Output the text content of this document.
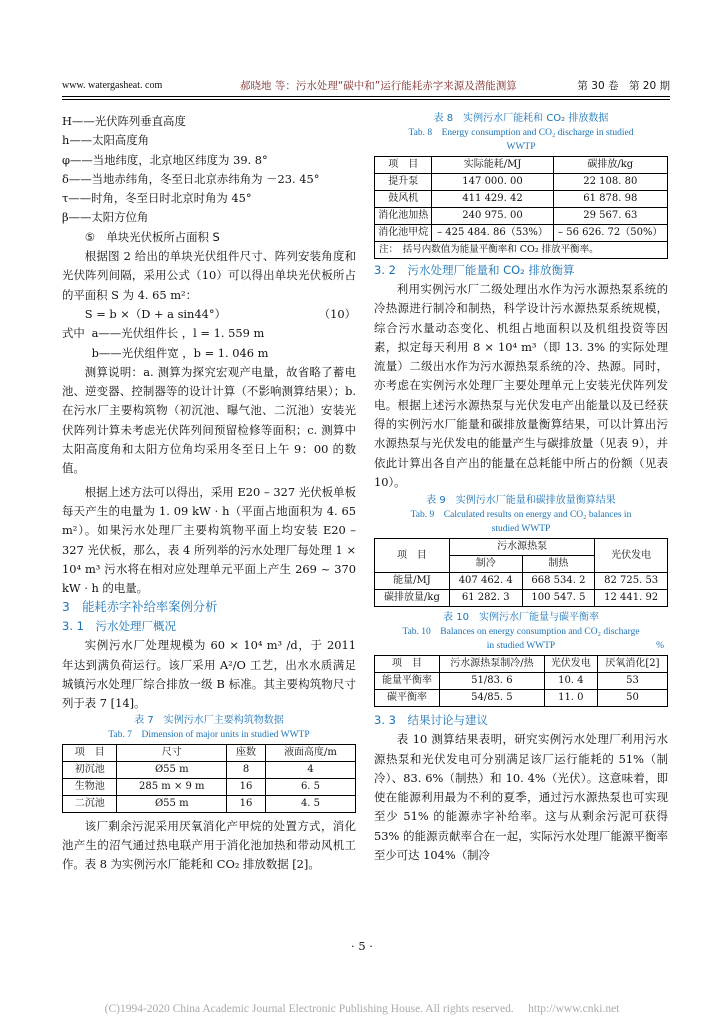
www. watergasheat. com	郝晓地 等：污水处理“碳中和”运行能耗赤字来源及潜能测算	第 30 卷　第 20 期

H——光伏阵列垂直高度

h——太阳高度角

φ——当地纬度，北京地区纬度为 39. 8°

δ——当地赤纬角，冬至日北京赤纬角为 －23. 45°

τ——时角，冬至日时北京时角为 45°

β——太阳方位角

⑤　单块光伏板所占面积 S

根据图 2 给出的单块光伏组件尺寸、阵列安装角度和光伏阵列间隔，采用公式（10）可以得出单块光伏板所占的平面积 S 为 4. 65 m²：

S = b ×（D + a sin44°）	（10）
式中 a——光伏组件长 ，l = 1. 559 m

b——光伏组件宽 ，b = 1. 046 m

测算说明：a. 测算为探究宏观产电量，故省略了蓄电池、逆变器、控制器等的设计计算（不影响测算结果）；b. 在污水厂主要构筑物（初沉池、曝气池、二沉池）安装光伏阵列计算未考虑光伏阵列间预留检修等面积；c. 测算中太阳高度角和太阳方位角均采用冬至日上午 9：00 的数值。

根据上述方法可以得出，采用 E20 – 327 光伏板单板每天产生的电量为 1. 09 kW · h（平面占地面积为 4. 65 m²）。如果污水处理厂主要构筑物平面上均安装 E20 – 327 光伏板，那么，表 4 所列举的污水处理厂每处理 1 × 10⁴ m³ 污水将在相对应处理单元平面上产生 269 ~ 370 kW · h 的电量。

3　能耗赤字补给率案例分析

3. 1　污水处理厂概况

实例污水厂处理规模为 60 × 10⁴ m³ /d，于 2011 年达到满负荷运行。该厂采用 A²/O 工艺，出水水质满足城镇污水处理厂综合排放一级 B 标准。其主要构筑物尺寸列于表 7 [14]。

表 7　实例污水厂主要构筑物数据
Tab. 7　Dimension of major units in studied WWTP
项　目	尺寸	座数	液面高度/m
初沉池	Ø55 m	8	4
生物池	285 m × 9 m	16	6. 5
二沉池	Ø55 m	16	4. 5

该厂剩余污泥采用厌氧消化产甲烷的处置方式，消化池产生的沼气通过热电联产用于消化池加热和带动风机工作。表 8 为实例污水厂能耗和 CO₂ 排放数据 [2]。

表 8　实例污水厂能耗和 CO₂ 排放数据
Tab. 8　Energy consumption and CO₂ discharge in studied
WWTP
项　目	实际能耗/MJ	碳排放/kg
提升泵	147 000. 00	22 108. 80
鼓风机	411 429. 42	61 878. 98
消化池加热	240 975. 00	29 567. 63
消化池甲烷	– 425 484. 86（53%）	– 56 626. 72（50%）
注：　括号内数值为能量平衡率和 CO₂ 排放平衡率。

3. 2　污水处理厂能量和 CO₂ 排放衡算

利用实例污水厂二级处理出水作为污水源热泵系统的冷热源进行制冷和制热，科学设计污水源热泵系统规模，综合污水量动态变化、机组占地面积以及机组投资等因素，拟定每天利用 8 × 10⁴ m³（即 13. 3% 的实际处理流量）二级出水作为污水源热泵系统的冷、热源。同时，亦考虑在实例污水处理厂主要处理单元上安装光伏阵列发电。根据上述污水源热泵与光伏发电产出能量以及已经获得的实例污水厂能量和碳排放量衡算结果，可以计算出污水源热泵与光伏发电的能量产生与碳排放量（见表 9），并依此计算出各自产出的能量在总耗能中所占的份额（见表 10）。

表 9　实例污水厂能量和碳排放量衡算结果
Tab. 9　Calculated results on energy and CO₂ balances in
studied WWTP
项　目	污水源热泵		光伏发电
	制冷	制热	
能量/MJ	407 462. 4	668 534. 2	82 725. 53
碳排放量/kg	61 282. 3	100 547. 5	12 441. 92
表 10　实例污水厂能量与碳平衡率
Tab. 10　Balances on energy consumption and CO₂ discharge
in studied WWTP	%
项　目	污水源热泵制冷/热	光伏发电	厌氧消化[2]
能量平衡率	51/83. 6	10. 4	53
碳平衡率	54/85. 5	11. 0	50

3. 3　结果讨论与建议

表 10 测算结果表明，研究实例污水处理厂利用污水源热泵和光伏发电可分别满足该厂运行能耗的 51%（制冷）、83. 6%（制热）和 10. 4%（光伏）。这意味着，即使在能源利用最为不利的夏季，通过污水源热泵也可实现至少 51% 的能源赤字补给率。这与从剩余污泥可获得 53% 的能源贡献率合在一起，实际污水处理厂能源平衡率至少可达 104%（制冷

· 5 ·
(C)1994-2020 China Academic Journal Electronic Publishing House. All rights reserved.　 http://www.cnki.net
